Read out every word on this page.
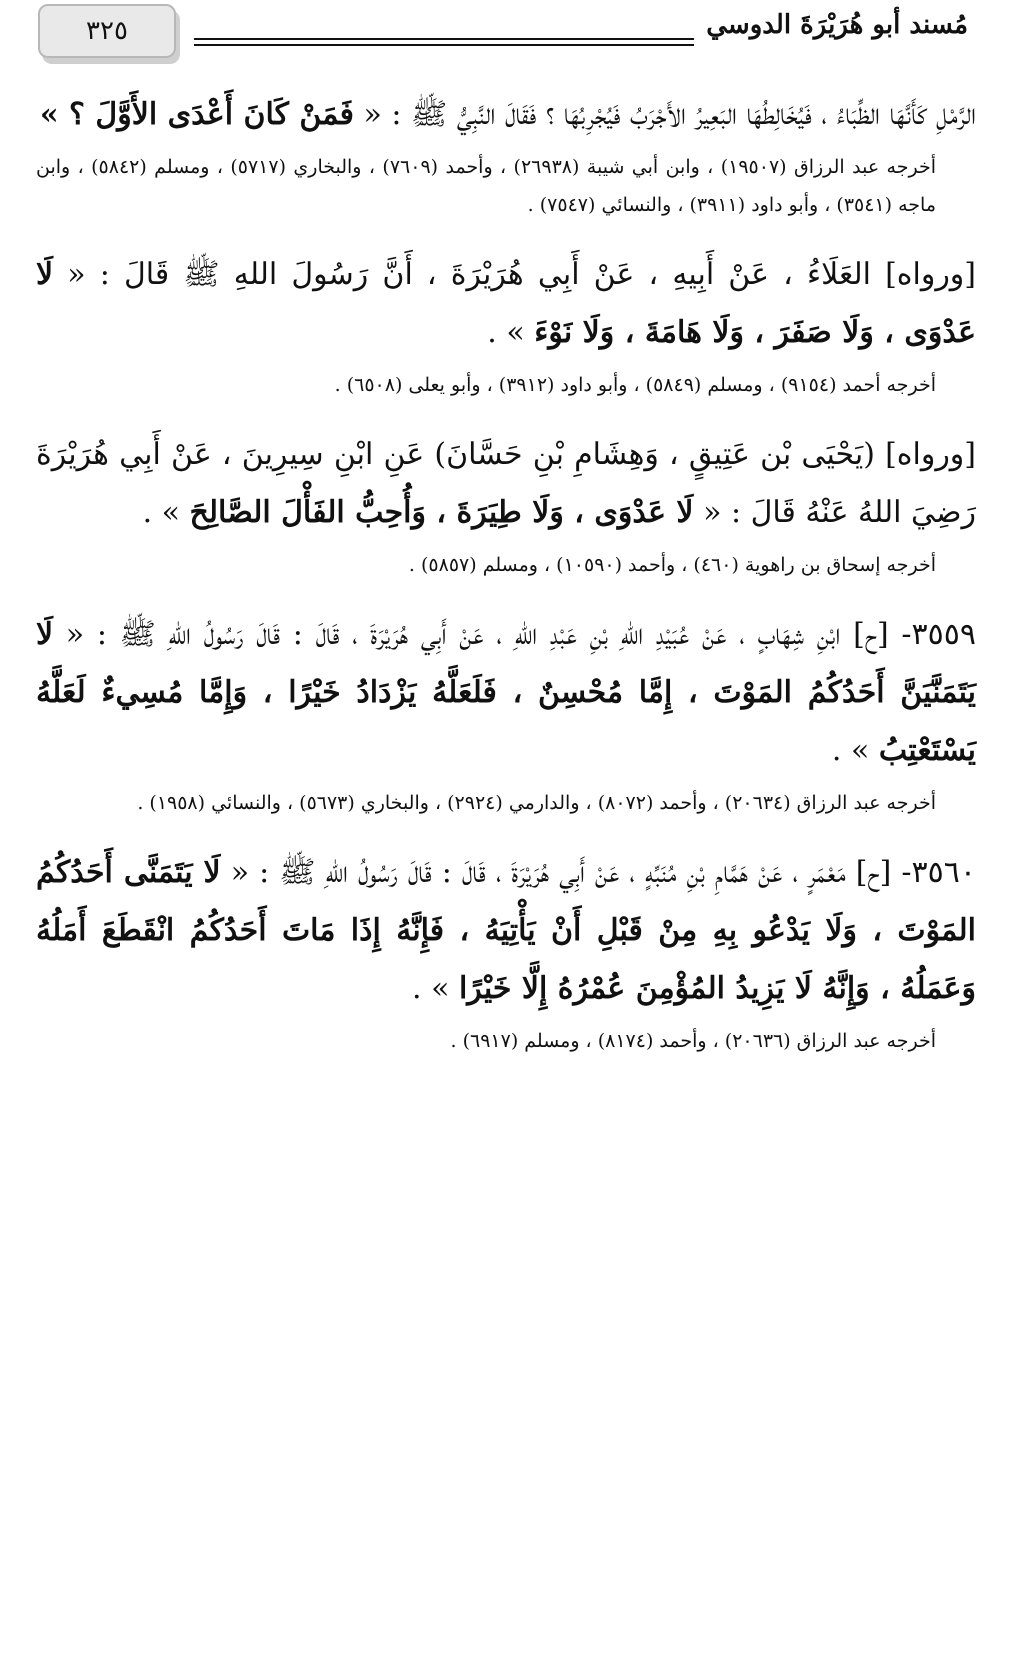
٣٢٥	مُسند أبو هُرَيْرَةَ الدوسي

الرَّمْلِ كَأَنَّهَا الظِّبَاءُ ، فَيُخَالِطُهَا البَعِيرُ الأَجْرَبُ فَيُجْرِبُهَا ؟ فَقَالَ النَّبِيُّ ﷺ : « فَمَنْ كَانَ أَعْدَى الأَوَّلَ ؟ »

أخرجه عبد الرزاق (١٩٥٠٧) ، وابن أبي شيبة (٢٦٩٣٨) ، وأحمد (٧٦٠٩) ، والبخاري (٥٧١٧) ، ومسلم (٥٨٤٢) ، وابن ماجه (٣٥٤١) ، وأبو داود (٣٩١١) ، والنسائي (٧٥٤٧) .

[ورواه] العَلَاءُ ، عَنْ أَبِيهِ ، عَنْ أَبِي هُرَيْرَةَ ، أَنَّ رَسُولَ اللهِ ﷺ قَالَ : « لَا عَدْوَى ، وَلَا صَفَرَ ، وَلَا هَامَةَ ، وَلَا نَوْءَ » .

أخرجه أحمد (٩١٥٤) ، ومسلم (٥٨٤٩) ، وأبو داود (٣٩١٢) ، وأبو يعلى (٦٥٠٨) .

[ورواه] (يَحْيَى بْن عَتِيقٍ ، وَهِشَامِ بْنِ حَسَّانَ) عَنِ ابْنِ سِيرِينَ ، عَنْ أَبِي هُرَيْرَةَ رَضِيَ اللهُ عَنْهُ قَالَ : « لَا عَدْوَى ، وَلَا طِيَرَةَ ، وَأُحِبُّ الفَأْلَ الصَّالِحَ » .

أخرجه إسحاق بن راهوية (٤٦٠) ، وأحمد (١٠٥٩٠) ، ومسلم (٥٨٥٧) .

٣٥٥٩- [ح] ابْنِ شِهَابٍ ، عَنْ عُبَيْدِ اللهِ بْنِ عَبْدِ اللهِ ، عَنْ أَبِي هُرَيْرَةَ ، قَالَ : قَالَ رَسُولُ اللهِ ﷺ : « لَا يَتَمَنَّيَنَّ أَحَدُكُمُ المَوْتَ ، إِمَّا مُحْسِنٌ ، فَلَعَلَّهُ يَزْدَادُ خَيْرًا ، وَإِمَّا مُسِيءٌ لَعَلَّهُ يَسْتَعْتِبُ » .

أخرجه عبد الرزاق (٢٠٦٣٤) ، وأحمد (٨٠٧٢) ، والدارمي (٢٩٢٤) ، والبخاري (٥٦٧٣) ، والنسائي (١٩٥٨) .

٣٥٦٠- [ح] مَعْمَرٍ ، عَنْ هَمَّامِ بْنِ مُنَبِّهٍ ، عَنْ أَبِي هُرَيْرَةَ ، قَالَ : قَالَ رَسُولُ اللهِ ﷺ : « لَا يَتَمَنَّى أَحَدُكُمُ المَوْتَ ، وَلَا يَدْعُو بِهِ مِنْ قَبْلِ أَنْ يَأْتِيَهُ ، فَإِنَّهُ إِذَا مَاتَ أَحَدُكُمُ انْقَطَعَ أَمَلُهُ وَعَمَلُهُ ، وَإِنَّهُ لَا يَزِيدُ المُؤْمِنَ عُمْرُهُ إِلَّا خَيْرًا » .

أخرجه عبد الرزاق (٢٠٦٣٦) ، وأحمد (٨١٧٤) ، ومسلم (٦٩١٧) .
